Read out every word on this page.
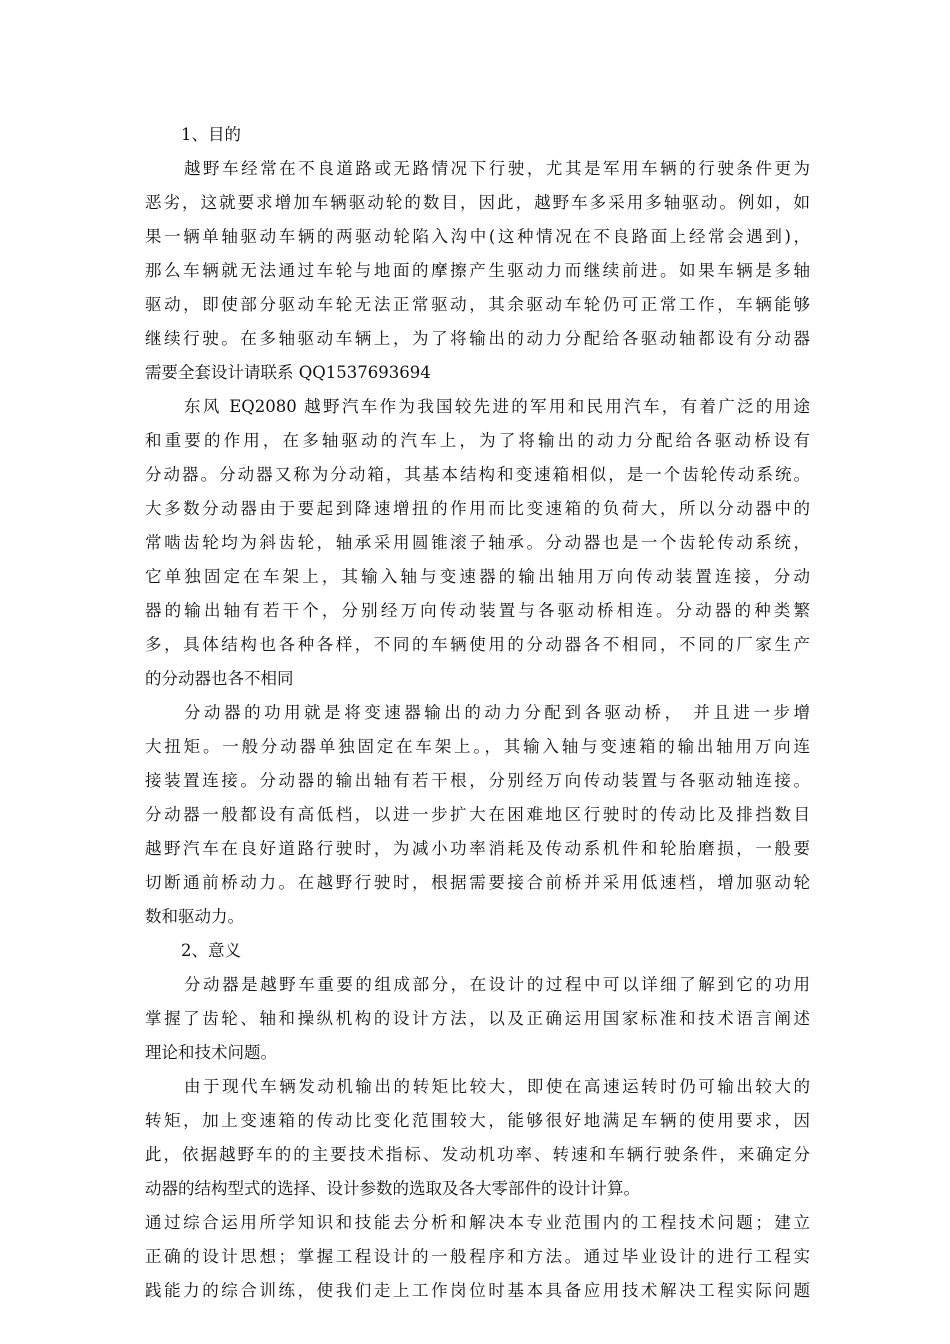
1、目的
越野车经常在不良道路或无路情况下行驶，尤其是军用车辆的行驶条件更为
恶劣，这就要求增加车辆驱动轮的数目，因此，越野车多采用多轴驱动。例如，如
果一辆单轴驱动车辆的两驱动轮陷入沟中(这种情况在不良路面上经常会遇到)，
那么车辆就无法通过车轮与地面的摩擦产生驱动力而继续前进。如果车辆是多轴
驱动，即使部分驱动车轮无法正常驱动，其余驱动车轮仍可正常工作，车辆能够
继续行驶。在多轴驱动车辆上，为了将输出的动力分配给各驱动轴都设有分动器
需要全套设计请联系 QQ1537693694
东风 EQ2080 越野汽车作为我国较先进的军用和民用汽车，有着广泛的用途
和重要的作用，在多轴驱动的汽车上，为了将输出的动力分配给各驱动桥设有
分动器。分动器又称为分动箱，其基本结构和变速箱相似，是一个齿轮传动系统。
大多数分动器由于要起到降速增扭的作用而比变速箱的负荷大，所以分动器中的
常啮齿轮均为斜齿轮，轴承采用圆锥滚子轴承。分动器也是一个齿轮传动系统，
它单独固定在车架上，其输入轴与变速器的输出轴用万向传动装置连接，分动
器的输出轴有若干个，分别经万向传动装置与各驱动桥相连。分动器的种类繁
多，具体结构也各种各样，不同的车辆使用的分动器各不相同，不同的厂家生产
的分动器也各不相同
分动器的功用就是将变速器输出的动力分配到各驱动桥， 并且进一步增
大扭矩。一般分动器单独固定在车架上。，其输入轴与变速箱的输出轴用万向连
接装置连接。分动器的输出轴有若干根，分别经万向传动装置与各驱动轴连接。
分动器一般都设有高低档，以进一步扩大在困难地区行驶时的传动比及排挡数目
越野汽车在良好道路行驶时，为减小功率消耗及传动系机件和轮胎磨损，一般要
切断通前桥动力。在越野行驶时，根据需要接合前桥并采用低速档，增加驱动轮
数和驱动力。
2、意义
分动器是越野车重要的组成部分，在设计的过程中可以详细了解到它的功用
掌握了齿轮、轴和操纵机构的设计方法，以及正确运用国家标准和技术语言阐述
理论和技术问题。
由于现代车辆发动机输出的转矩比较大，即使在高速运转时仍可输出较大的
转矩，加上变速箱的传动比变化范围较大，能够很好地满足车辆的使用要求，因
此，依据越野车的的主要技术指标、发动机功率、转速和车辆行驶条件，来确定分
动器的结构型式的选择、设计参数的选取及各大零部件的设计计算。
通过综合运用所学知识和技能去分析和解决本专业范围内的工程技术问题；建立
正确的设计思想；掌握工程设计的一般程序和方法。通过毕业设计的进行工程实
践能力的综合训练，使我们走上工作岗位时基本具备应用技术解决工程实际问题
